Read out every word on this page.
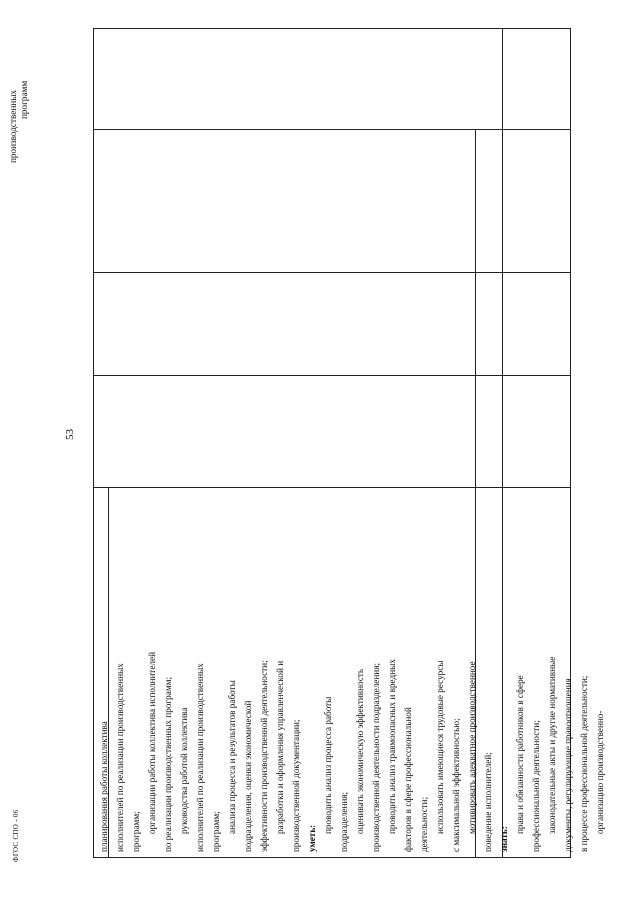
53
ФГОС СПО - 06
производственных программ
планирования работы коллектива исполнителей по реализации производственных программ; организации работы коллектива исполнителей по реализации производственных программ; руководства работой коллектива исполнителей по реализации производственных программ; анализа процесса и результатов работы подразделения, оценки экономической эффективности производственной деятельности; разработки и оформления управленческой и производственной документации; уметь:
проводить анализ процесса работы подразделения; оценивать экономическую эффективность производственной деятельности подразделения; проводить анализ травмоопасных и вредных факторов в сфере профессиональной деятельности; использовать имеющиеся трудовые ресурсы с максимальной эффективностью; мотивировать адекватное производственное поведение исполнителей; знать:
права и обязанности работников в сфере профессиональной деятельности; законодательные акты и другие нормативные документы, регулирующие правоотношения в процессе профессиональной деятельности; организацию производственно-
